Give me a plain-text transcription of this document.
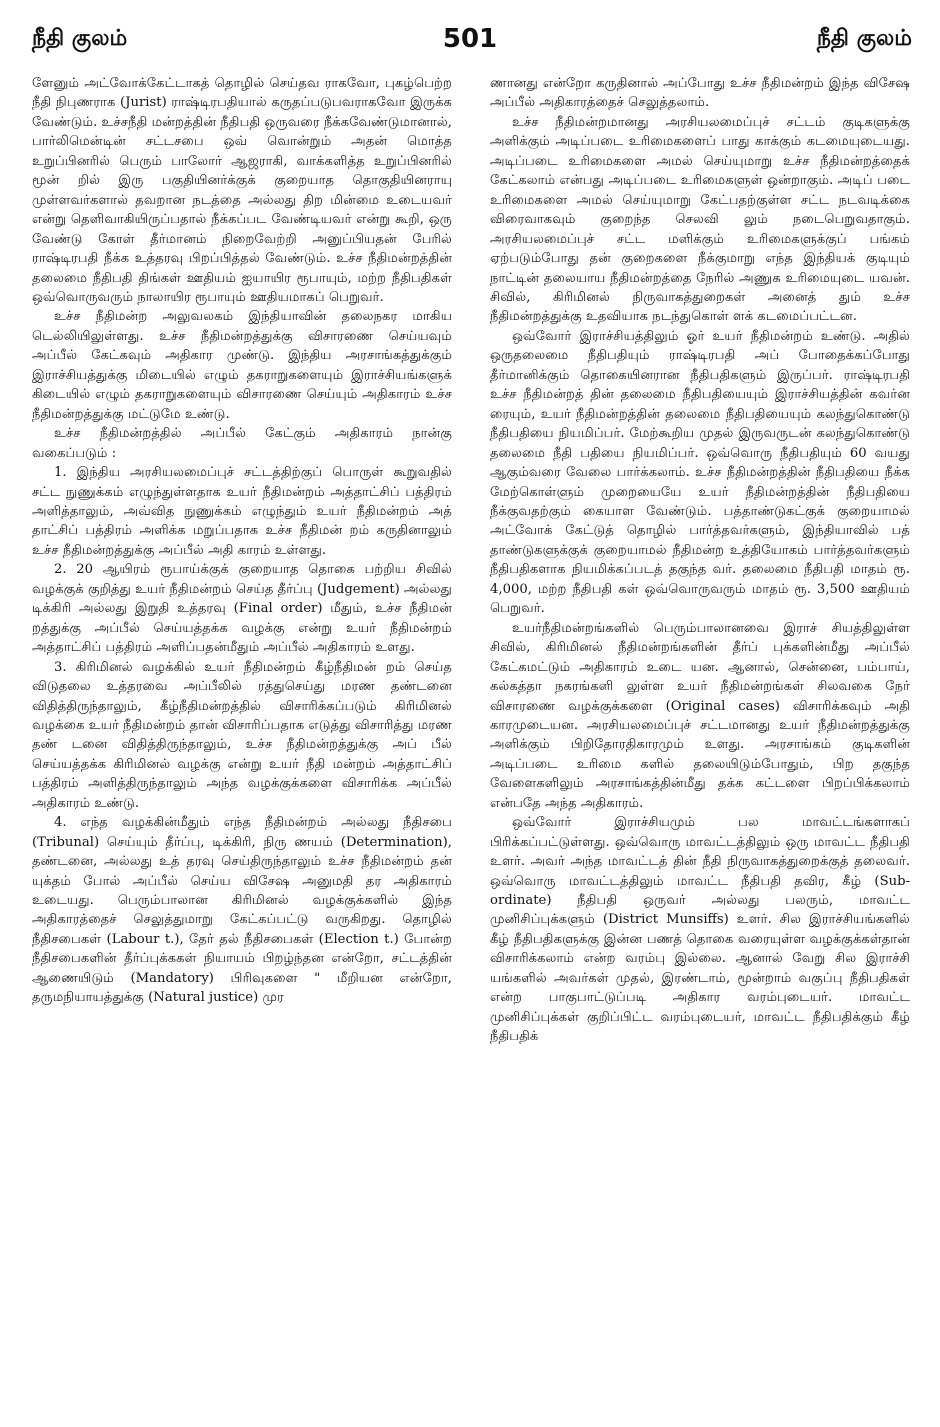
நீதி குலம்	501	நீதி குலம்

ளேனும் அட்வோக்கேட்டாகத் தொழில் செய்தவ ராகவோ, புகழ்பெற்ற நீதி நிபுணராக (Jurist) ராஷ்டிரபதியால் கருதப்படுபவராகவோ இருக்க வேண்டும். உச்சநீதி மன்றத்தின் நீதிபதி ஒருவரை நீக்கவேண்டுமானால், பார்லிமென்டின் சட்டசபை ஒவ் வொன்றும் அதன் மொத்த உறுப்பினரில் பெரும் பாலோர் ஆஜராகி, வாக்களித்த உறுப்பினரில் மூன் றில் இரு பகுதியினர்க்குக் குறையாத தொகுதியினராயு முள்ளவர்களால் தவறான நடத்தை அல்லது திற மின்மை உடையவர் என்று தெளிவாகியிருப்பதால் நீக்கப்பட வேண்டியவர் என்று கூறி, ஒரு வேண்டு கோள் தீர்மானம் நிறைவேற்றி அனுப்பியதன் பேரில் ராஷ்டிரபதி நீக்க உத்தரவு பிறப்பித்தல் வேண்டும். உச்ச நீதிமன்றத்தின் தலைமை நீதிபதி திங்கள் ஊதியம் ஐயாயிர ரூபாயும், மற்ற நீதிபதிகள் ஒவ்வொருவரும் நாலாயிர ரூபாயும் ஊதியமாகப் பெறுவர்.

உச்ச நீதிமன்ற அலுவலகம் இந்தியாவின் தலைநகர மாகிய டெல்லியிலுள்ளது. உச்ச நீதிமன்றத்துக்கு விசாரணை செய்யவும் அப்பீல் கேட்கவும் அதிகார முண்டு. இந்திய அரசாங்கத்துக்கும் இராச்சியத்துக்கு மிடையில் எழும் தகராறுகளையும் இராச்சியங்களுக் கிடையில் எழும் தகராறுகளையும் விசாரணை செய்யும் அதிகாரம் உச்ச நீதிமன்றத்துக்கு மட்டுமே உண்டு.

உச்ச நீதிமன்றத்தில் அப்பீல் கேட்கும் அதிகாரம் நான்கு வகைப்படும் :

1. இந்திய அரசியலமைப்புச் சட்டத்திற்குப் பொருள் கூறுவதில் சட்ட நுணுக்கம் எழுந்துள்ளதாக உயர் நீதிமன்றம் அத்தாட்சிப் பத்திரம் அளித்தாலும், அவ்வித நுணுக்கம் எழுந்தும் உயர் நீதிமன்றம் அத் தாட்சிப் பத்திரம் அளிக்க மறுப்பதாக உச்ச நீதிமன் றம் கருதினாலும் உச்ச நீதிமன்றத்துக்கு அப்பீல் அதி காரம் உள்ளது.

2. 20 ஆயிரம் ரூபாய்க்குக் குறையாத தொகை பற்றிய சிவில் வழக்குக் குறித்து உயர் நீதிமன்றம் செய்த தீர்ப்பு (Judgement) அல்லது டிக்கிரி அல்லது இறுதி உத்தரவு (Final order) மீதும், உச்ச நீதிமன் றத்துக்கு அப்பீல் செய்யத்தக்க வழக்கு என்று உயர் நீதிமன்றம் அத்தாட்சிப் பத்திரம் அளிப்பதன்மீதும் அப்பீல் அதிகாரம் உளது.

3. கிரிமினல் வழக்கில் உயர் நீதிமன்றம் கீழ்நீதிமன் றம் செய்த விடுதலை உத்தரவை அப்பீலில் ரத்துசெய்து மரண தண்டனை விதித்திருந்தாலும், கீழ்நீதிமன்றத்தில் விசாரிக்கப்படும் கிரிமினல் வழக்கை உயர் நீதிமன்றம் தான் விசாரிப்பதாக எடுத்து விசாரித்து மரண தண் டனை விதித்திருந்தாலும், உச்ச நீதிமன்றத்துக்கு அப் பீல் செய்யத்தக்க கிரிமினல் வழக்கு என்று உயர் நீதி மன்றம் அத்தாட்சிப் பத்திரம் அளித்திருந்தாலும் அந்த வழக்குக்களை விசாரிக்க அப்பீல் அதிகாரம் உண்டு.

4. எந்த வழக்கின்மீதும் எந்த நீதிமன்றம் அல்லது நீதிசபை (Tribunal) செய்யும் தீர்ப்பு, டிக்கிரி, நிரு ணயம் (Determination), தண்டனை, அல்லது உத் தரவு செய்திருந்தாலும் உச்ச நீதிமன்றம் தன் யுக்தம் போல் அப்பீல் செய்ய விசேஷ அனுமதி தர அதிகாரம் உடையது. பெரும்பாலான கிரிமினல் வழக்குக்களில் இந்த அதிகாரத்தைச் செலுத்துமாறு கேட்கப்பட்டு வருகிறது. தொழில் நீதிசபைகள் (Labour t.), தேர் தல் நீதிசபைகள் (Election t.) போன்ற நீதிசபைகளின் தீர்ப்புக்ககள் நியாயம் பிறழ்ந்தன என்றோ, சட்டத்தின் ஆணையிடும் (Mandatory) பிரிவுகளை " மீறியன என்றோ, தருமநியாயத்துக்கு (Natural justice) முர

ணானது என்றோ கருதினால் அப்போது உச்ச நீதிமன்றம் இந்த விசேஷ அப்பீல் அதிகாரத்தைச் செலுத்தலாம்.

உச்ச நீதிமன்றமானது அரசியலமைப்புச் சட்டம் குடிகளுக்கு அளிக்கும் அடிப்படை உரிமைகளைப் பாது காக்கும் கடமையுடையது. அடிப்படை உரிமைகளை அமல் செய்யுமாறு உச்ச நீதிமன்றத்தைக் கேட்கலாம் என்பது அடிப்படை உரிமைகளுள் ஒன்றாகும். அடிப் படை உரிமைகளை அமல் செய்யுமாறு கேட்பதற்குள்ள சட்ட நடவடிக்கை விரைவாகவும் குறைந்த செலவி லும் நடைபெறுவதாகும். அரசியலமைப்புச் சட்ட மளிக்கும் உரிமைகளுக்குப் பங்கம் ஏற்படும்போது தன் குறைகளை நீக்குமாறு எந்த இந்தியக் குடியும் நாட்டின் தலையாய நீதிமன்றத்தை நேரில் அணுக உரிமையுடை யவன். சிவில், கிரிமினல் நிருவாகத்துறைகள் அனைத் தும் உச்ச நீதிமன்றத்துக்கு உதவியாக நடந்துகொள் ளக் கடமைப்பட்டன.

ஒவ்வோர் இராச்சியத்திலும் ஓர் உயர் நீதிமன்றம் உண்டு. அதில் ஒருதலைமை நீதிபதியும் ராஷ்டிரபதி அப் போதைக்கப்போது தீர்மானிக்கும் தொகையினரான நீதிபதிகளும் இருப்பர். ராஷ்டிரபதி உச்ச நீதிமன்றத் தின் தலைமை நீதிபதியையும் இராச்சியத்தின் கவர்ன ரையும், உயர் நீதிமன்றத்தின் தலைமை நீதிபதியையும் கலந்துகொண்டு நீதிபதியை நியமிப்பர். மேற்கூறிய முதல் இருவருடன் கலந்துகொண்டு தலைமை நீதி பதியை நியமிப்பர். ஒவ்வொரு நீதிபதியும் 60 வயது ஆகும்வரை வேலை பார்க்கலாம். உச்ச நீதிமன்றத்தின் நீதிபதியை நீக்க மேற்கொள்ளும் முறையையே உயர் நீதிமன்றத்தின் நீதிபதியை நீக்குவதற்கும் கையாள வேண்டும். பத்தாண்டுகட்குக் குறையாமல் அட்வோக் கேட்டுத் தொழில் பார்த்தவர்களும், இந்தியாவில் பத் தாண்டுகளுக்குக் குறையாமல் நீதிமன்ற உத்தியோகம் பார்த்தவர்களும் நீதிபதிகளாக நியமிக்கப்படத் தகுந்த வர். தலைமை நீதிபதி மாதம் ரூ. 4,000, மற்ற நீதிபதி கள் ஒவ்வொருவரும் மாதம் ரூ. 3,500 ஊதியம் பெறுவர்.

உயர்நீதிமன்றங்களில் பெரும்பாலானவை இராச் சியத்திலுள்ள சிவில், கிரிமினல் நீதிமன்றங்களின் தீர்ப் புக்களின்மீது அப்பீல் கேட்கமட்டும் அதிகாரம் உடை யன. ஆனால், சென்னை, பம்பாய், கல்கத்தா நகரங்களி லுள்ள உயர் நீதிமன்றங்கள் சிலவகை நேர் விசாரணை வழக்குக்களை (Original cases) விசாரிக்கவும் அதி காரமுடையன. அரசியலமைப்புச் சட்டமானது உயர் நீதிமன்றத்துக்கு அளிக்கும் பிறிதோரதிகாரமும் உளது. அரசாங்கம் குடிகளின் அடிப்படை உரிமை களில் தலையிடும்போதும், பிற தகுந்த வேளைகளிலும் அரசாங்கத்தின்மீது தக்க கட்டளை பிறப்பிக்கலாம் என்பதே அந்த அதிகாரம்.

ஒவ்வோர் இராச்சியமும் பல மாவட்டங்களாகப் பிரிக்கப்பட்டுள்ளது. ஒவ்வொரு மாவட்டத்திலும் ஒரு மாவட்ட நீதிபதி உளர். அவர் அந்த மாவட்டத் தின் நீதி நிருவாகத்துறைக்குத் தலைவர். ஒவ்வொரு மாவட்டத்திலும் மாவட்ட நீதிபதி தவிர, கீழ் (Sub- ordinate) நீதிபதி ஒருவர் அல்லது பலரும், மாவட்ட முனிசிப்புக்களும் (District Munsiffs) உளர். சில இராச்சியங்களில் கீழ் நீதிபதிகளுக்கு இன்ன பணத் தொகை வரையுள்ள வழக்குக்கள்தான் விசாரிக்கலாம் என்ற வரம்பு இல்லை. ஆனால் வேறு சில இராச்சி யங்களில் அவர்கள் முதல், இரண்டாம், மூன்றாம் வகுப்பு நீதிபதிகள் என்ற பாகுபாட்டுப்படி அதிகார வரம்புடையர். மாவட்ட முனிசிப்புக்கள் குறிப்பிட்ட வரம்புடையர், மாவட்ட நீதிபதிக்கும் கீழ் நீதிபதிக்
